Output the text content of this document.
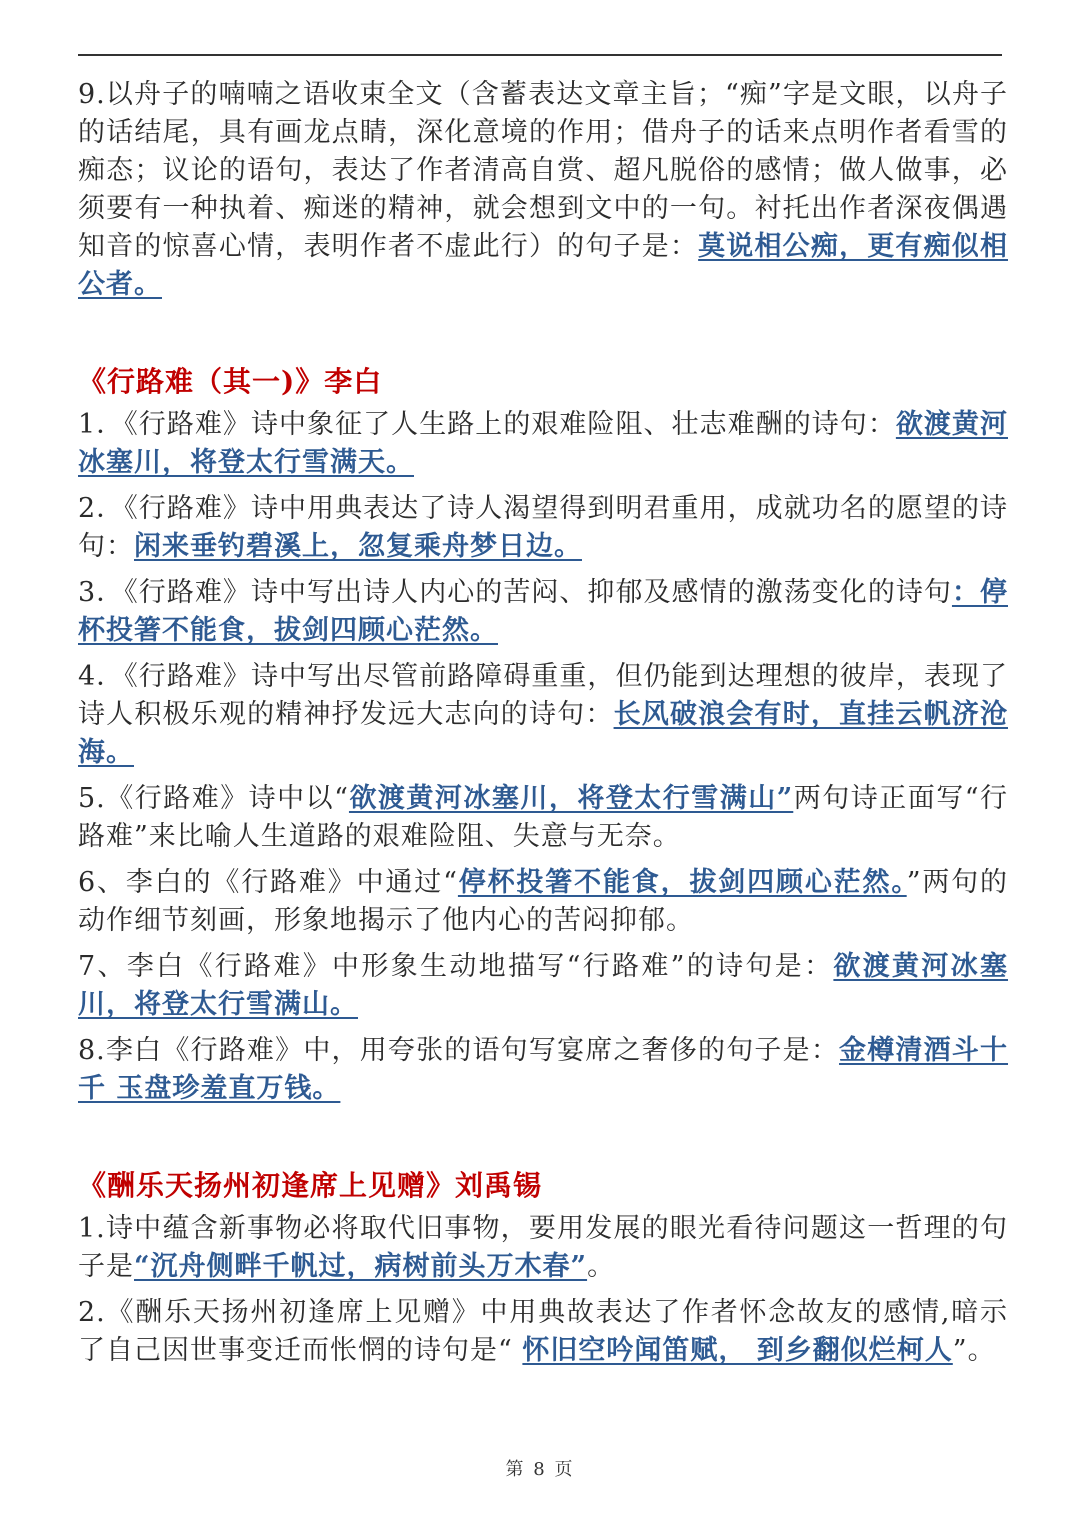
9.以舟子的喃喃之语收束全文（含蓄表达文章主旨；“痴”字是文眼，以舟子的话结尾，具有画龙点睛，深化意境的作用；借舟子的话来点明作者看雪的痴态；议论的语句，表达了作者清高自赏、超凡脱俗的感情；做人做事，必须要有一种执着、痴迷的精神，就会想到文中的一句。衬托出作者深夜偶遇知音的惊喜心情，表明作者不虚此行）的句子是：莫说相公痴，更有痴似相公者。

《行路难（其一)》李白

1．《行路难》诗中象征了人生路上的艰难险阻、壮志难酬的诗句：欲渡黄河冰塞川，将登太行雪满天。

2．《行路难》诗中用典表达了诗人渴望得到明君重用，成就功名的愿望的诗句：闲来垂钓碧溪上，忽复乘舟梦日边。

3．《行路难》诗中写出诗人内心的苦闷、抑郁及感情的激荡变化的诗句：停杯投箸不能食，拔剑四顾心茫然。

4．《行路难》诗中写出尽管前路障碍重重，但仍能到达理想的彼岸，表现了诗人积极乐观的精神抒发远大志向的诗句：长风破浪会有时，直挂云帆济沧海。

5.《行路难》诗中以“欲渡黄河冰塞川，将登太行雪满山”两句诗正面写“行路难”来比喻人生道路的艰难险阻、失意与无奈。

6、李白的《行路难》中通过“停杯投箸不能食，拔剑四顾心茫然。”两句的动作细节刻画，形象地揭示了他内心的苦闷抑郁。

7、李白《行路难》中形象生动地描写“行路难”的诗句是：欲渡黄河冰塞川，将登太行雪满山。

8.李白《行路难》中，用夸张的语句写宴席之奢侈的句子是：金樽清酒斗十千 玉盘珍羞直万钱。

《酬乐天扬州初逢席上见赠》刘禹锡

1.诗中蕴含新事物必将取代旧事物，要用发展的眼光看待问题这一哲理的句子是“沉舟侧畔千帆过，病树前头万木春”。

2.《酬乐天扬州初逢席上见赠》中用典故表达了作者怀念故友的感情,暗示了自己因世事变迁而怅惘的诗句是“ 怀旧空吟闻笛赋， 到乡翻似烂柯人”。

第 8 页
